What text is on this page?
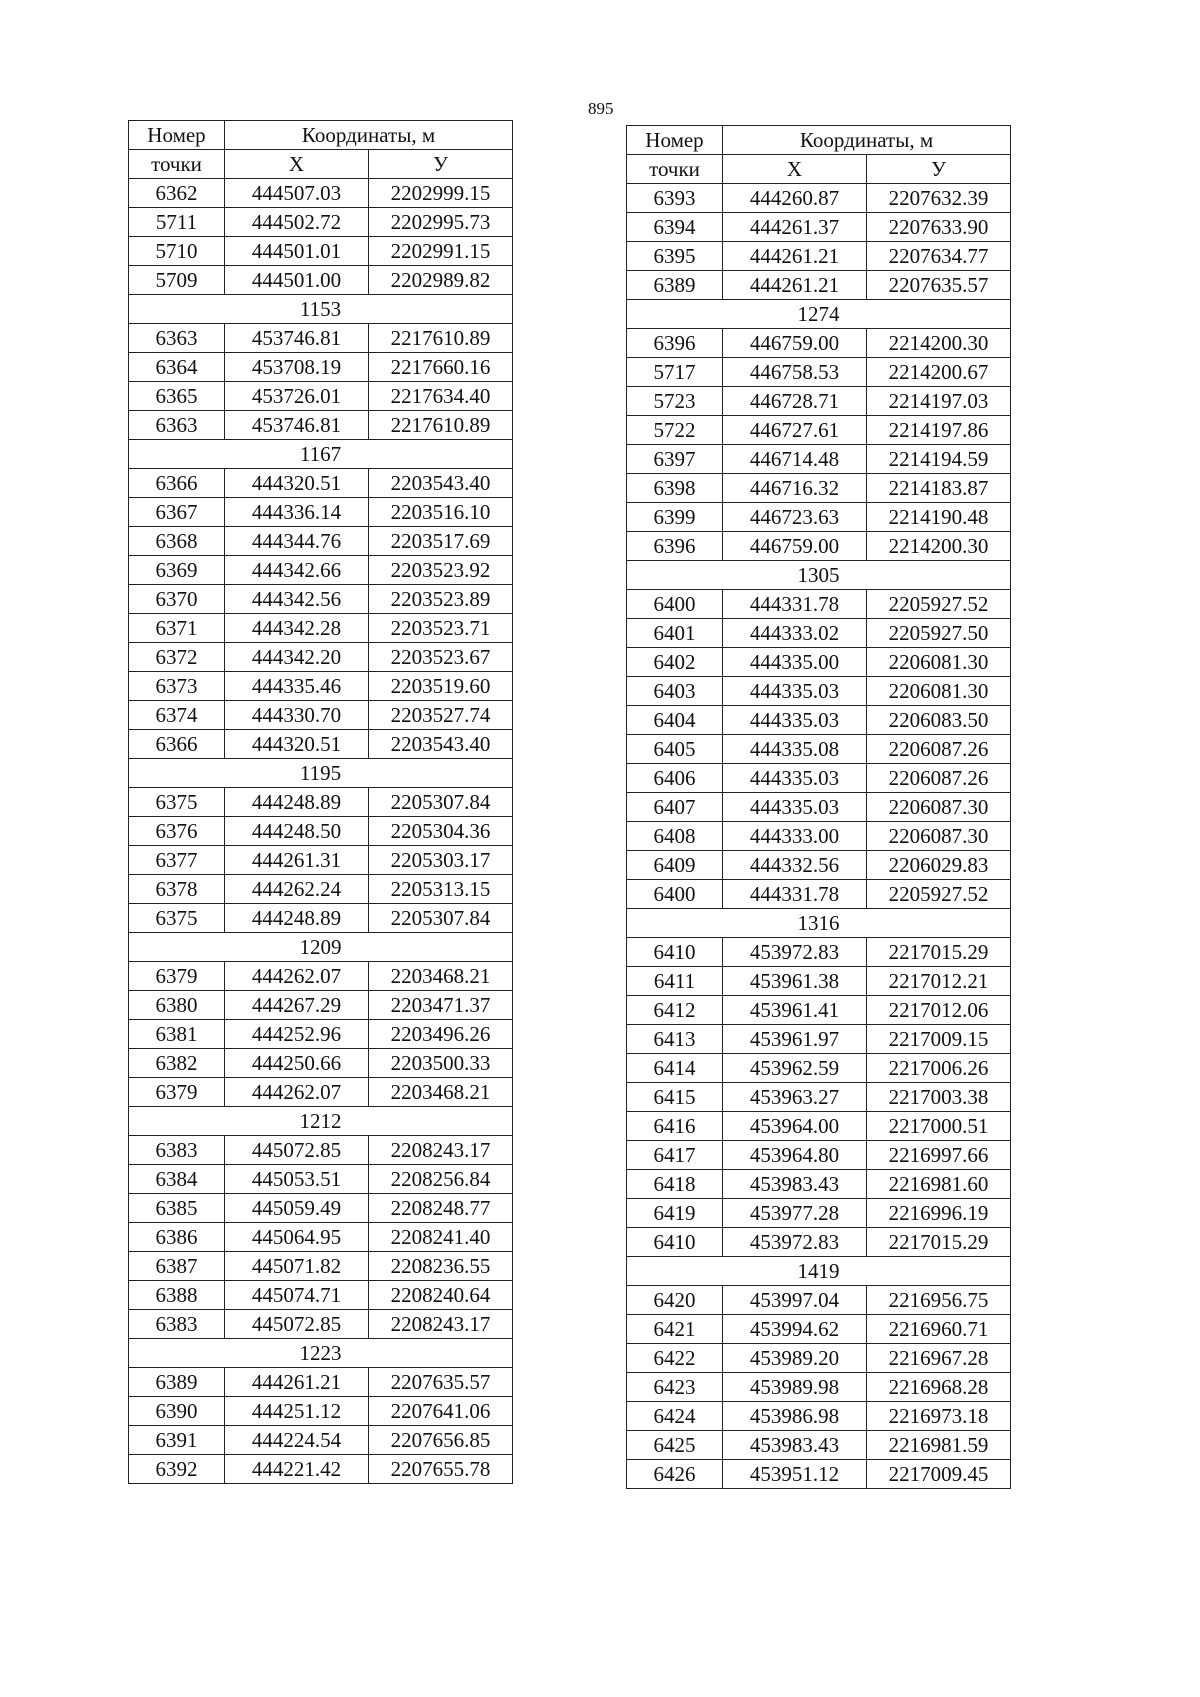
895
Номер	Координаты, м	
точки	X	У
6362	444507.03	2202999.15
5711	444502.72	2202995.73
5710	444501.01	2202991.15
5709	444501.00	2202989.82
1153		
6363	453746.81	2217610.89
6364	453708.19	2217660.16
6365	453726.01	2217634.40
6363	453746.81	2217610.89
1167		
6366	444320.51	2203543.40
6367	444336.14	2203516.10
6368	444344.76	2203517.69
6369	444342.66	2203523.92
6370	444342.56	2203523.89
6371	444342.28	2203523.71
6372	444342.20	2203523.67
6373	444335.46	2203519.60
6374	444330.70	2203527.74
6366	444320.51	2203543.40
1195		
6375	444248.89	2205307.84
6376	444248.50	2205304.36
6377	444261.31	2205303.17
6378	444262.24	2205313.15
6375	444248.89	2205307.84
1209		
6379	444262.07	2203468.21
6380	444267.29	2203471.37
6381	444252.96	2203496.26
6382	444250.66	2203500.33
6379	444262.07	2203468.21
1212		
6383	445072.85	2208243.17
6384	445053.51	2208256.84
6385	445059.49	2208248.77
6386	445064.95	2208241.40
6387	445071.82	2208236.55
6388	445074.71	2208240.64
6383	445072.85	2208243.17
1223		
6389	444261.21	2207635.57
6390	444251.12	2207641.06
6391	444224.54	2207656.85
6392	444221.42	2207655.78
Номер	Координаты, м	
точки	X	У
6393	444260.87	2207632.39
6394	444261.37	2207633.90
6395	444261.21	2207634.77
6389	444261.21	2207635.57
1274		
6396	446759.00	2214200.30
5717	446758.53	2214200.67
5723	446728.71	2214197.03
5722	446727.61	2214197.86
6397	446714.48	2214194.59
6398	446716.32	2214183.87
6399	446723.63	2214190.48
6396	446759.00	2214200.30
1305		
6400	444331.78	2205927.52
6401	444333.02	2205927.50
6402	444335.00	2206081.30
6403	444335.03	2206081.30
6404	444335.03	2206083.50
6405	444335.08	2206087.26
6406	444335.03	2206087.26
6407	444335.03	2206087.30
6408	444333.00	2206087.30
6409	444332.56	2206029.83
6400	444331.78	2205927.52
1316		
6410	453972.83	2217015.29
6411	453961.38	2217012.21
6412	453961.41	2217012.06
6413	453961.97	2217009.15
6414	453962.59	2217006.26
6415	453963.27	2217003.38
6416	453964.00	2217000.51
6417	453964.80	2216997.66
6418	453983.43	2216981.60
6419	453977.28	2216996.19
6410	453972.83	2217015.29
1419		
6420	453997.04	2216956.75
6421	453994.62	2216960.71
6422	453989.20	2216967.28
6423	453989.98	2216968.28
6424	453986.98	2216973.18
6425	453983.43	2216981.59
6426	453951.12	2217009.45
